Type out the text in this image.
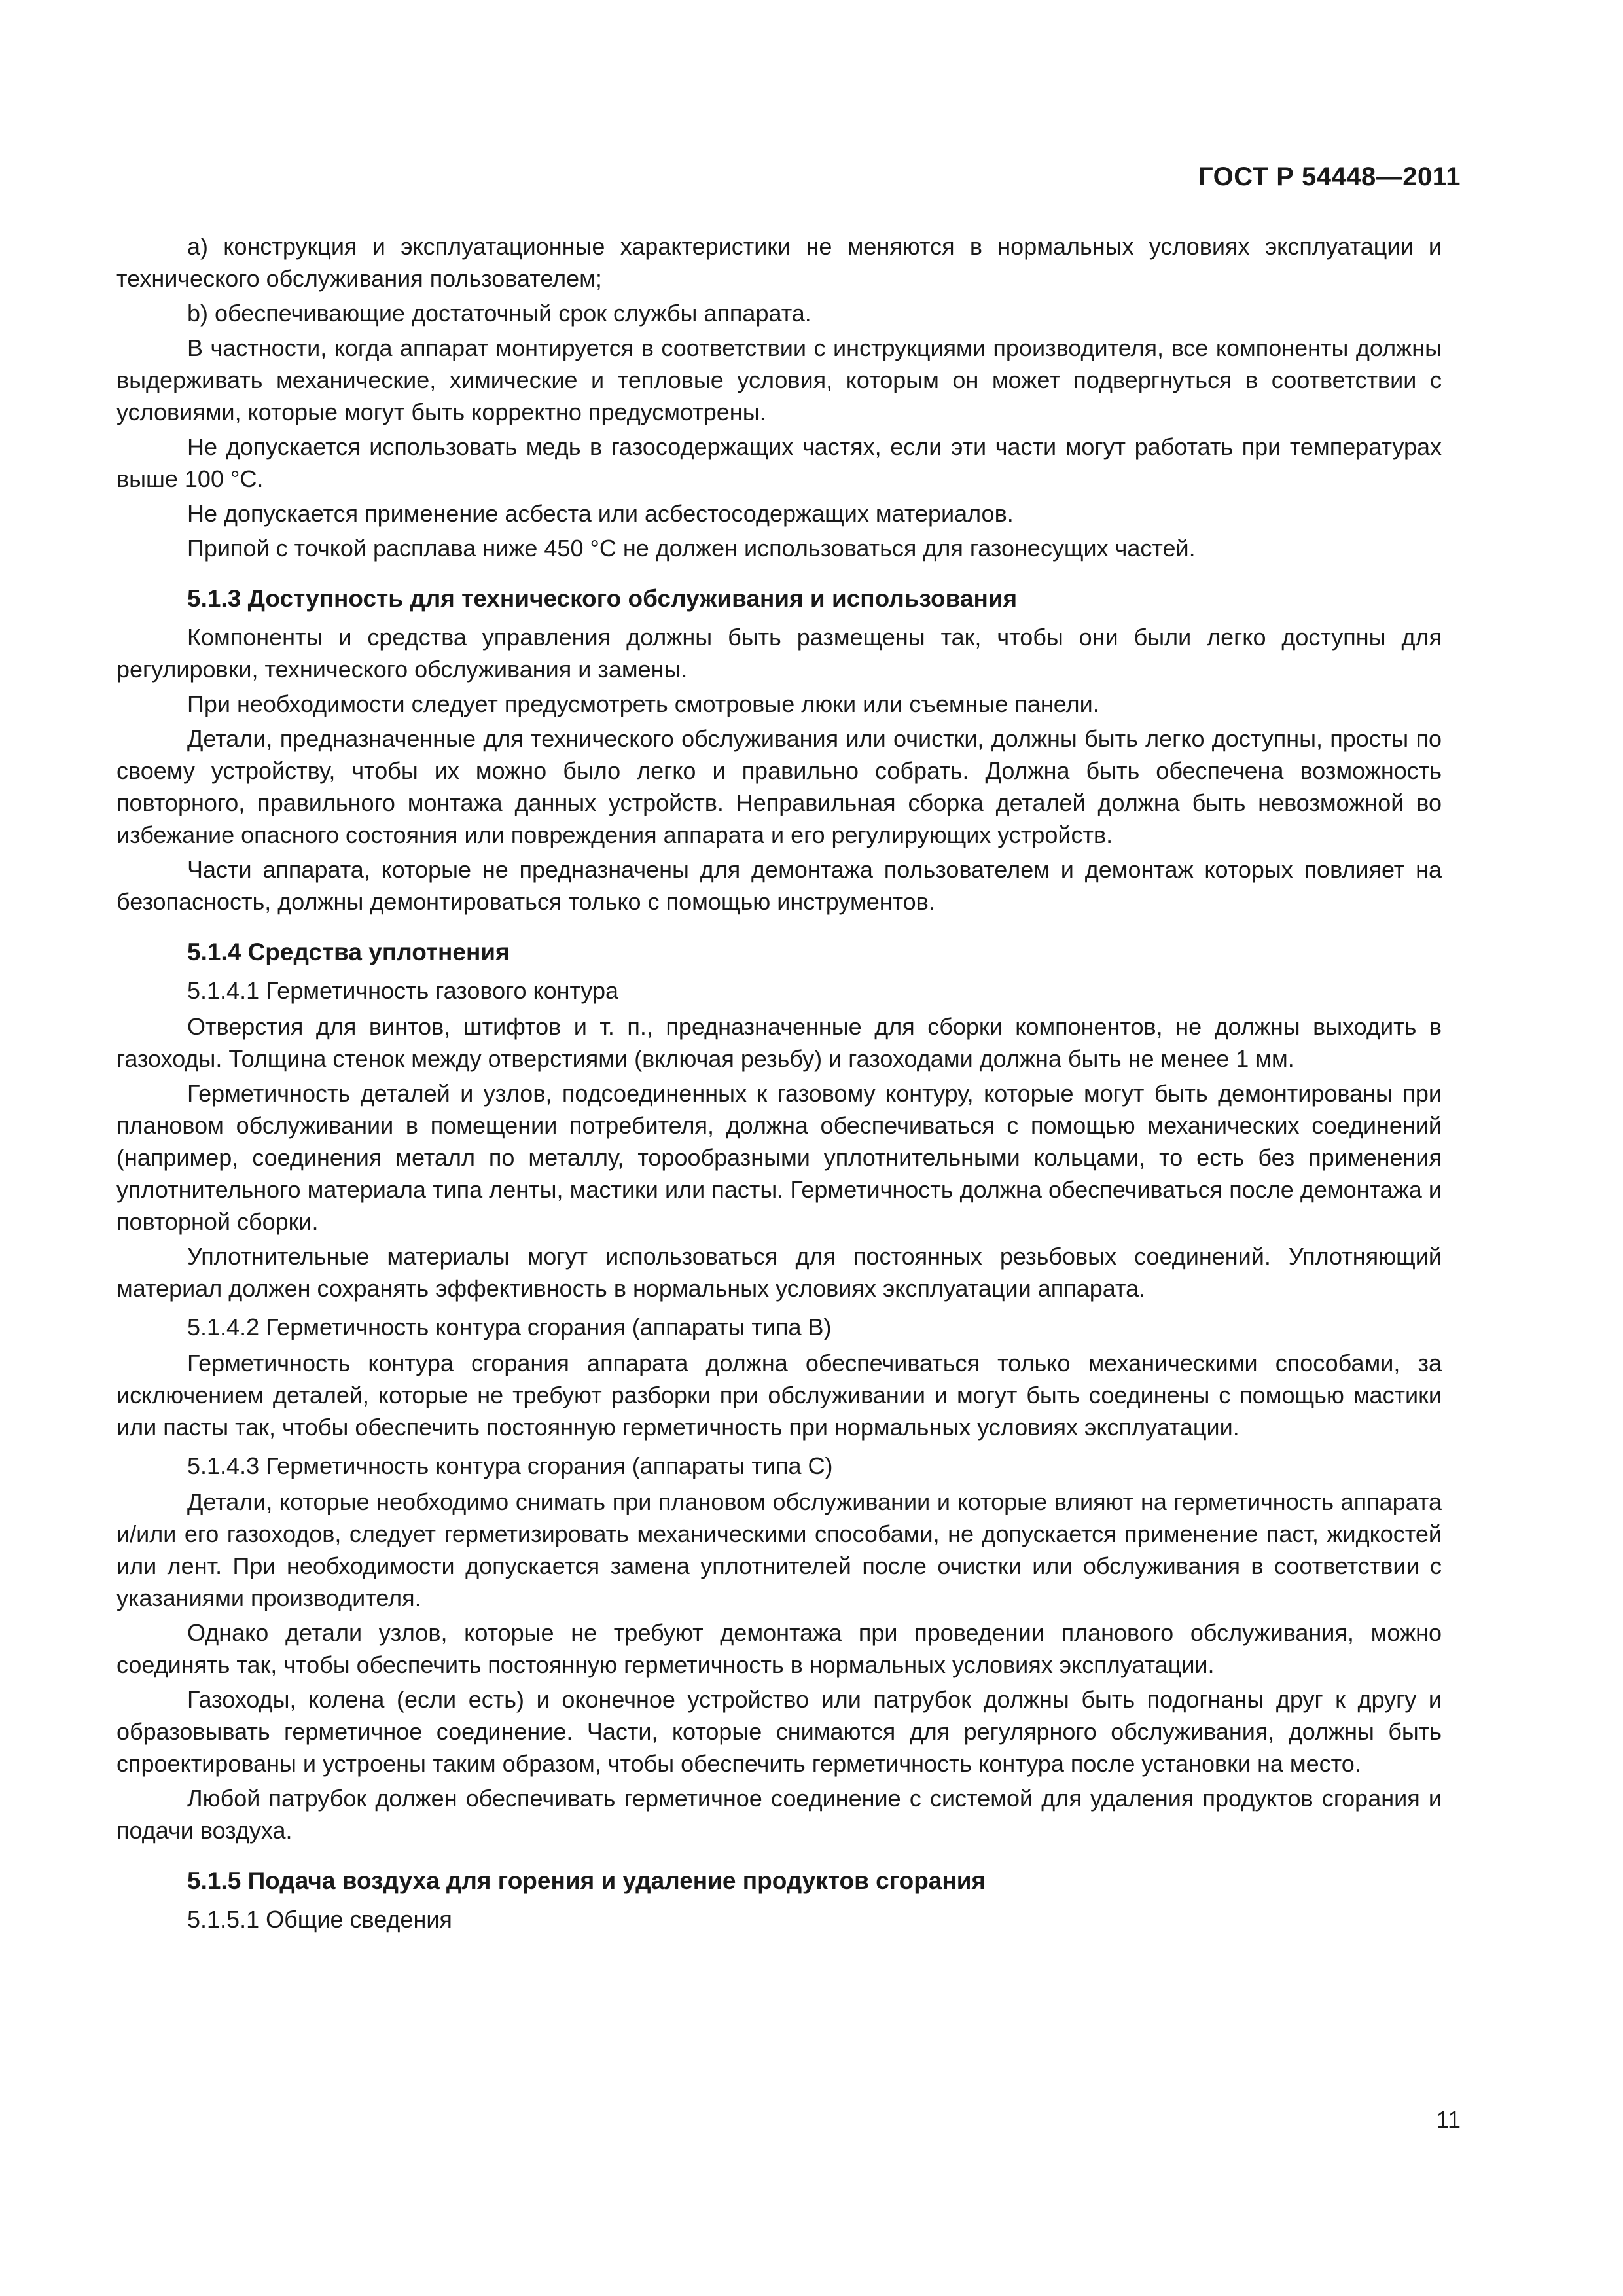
ГОСТ Р 54448—2011
a) конструкция и эксплуатационные характеристики не меняются в нормальных условиях эксплуатации и технического обслуживания пользователем;
b) обеспечивающие достаточный срок службы аппарата.
В частности, когда аппарат монтируется в соответствии с инструкциями производителя, все компоненты должны выдерживать механические, химические и тепловые условия, которым он может подвергнуться в соответствии с условиями, которые могут быть корректно предусмотрены.
Не допускается использовать медь в газосодержащих частях, если эти части могут работать при температурах выше 100 °С.
Не допускается применение асбеста или асбестосодержащих материалов.
Припой с точкой расплава ниже 450 °С не должен использоваться для газонесущих частей.
5.1.3 Доступность для технического обслуживания и использования
Компоненты и средства управления должны быть размещены так, чтобы они были легко доступны для регулировки, технического обслуживания и замены.
При необходимости следует предусмотреть смотровые люки или съемные панели.
Детали, предназначенные для технического обслуживания или очистки, должны быть легко доступны, просты по своему устройству, чтобы их можно было легко и правильно собрать. Должна быть обеспечена возможность повторного, правильного монтажа данных устройств. Неправильная сборка деталей должна быть невозможной во избежание опасного состояния или повреждения аппарата и его регулирующих устройств.
Части аппарата, которые не предназначены для демонтажа пользователем и демонтаж которых повлияет на безопасность, должны демонтироваться только с помощью инструментов.
5.1.4 Средства уплотнения
5.1.4.1 Герметичность газового контура
Отверстия для винтов, штифтов и т. п., предназначенные для сборки компонентов, не должны выходить в газоходы. Толщина стенок между отверстиями (включая резьбу) и газоходами должна быть не менее 1 мм.
Герметичность деталей и узлов, подсоединенных к газовому контуру, которые могут быть демонтированы при плановом обслуживании в помещении потребителя, должна обеспечиваться с помощью механических соединений (например, соединения металл по металлу, торообразными уплотнительными кольцами, то есть без применения уплотнительного материала типа ленты, мастики или пасты. Герметичность должна обеспечиваться после демонтажа и повторной сборки.
Уплотнительные материалы могут использоваться для постоянных резьбовых соединений. Уплотняющий материал должен сохранять эффективность в нормальных условиях эксплуатации аппарата.
5.1.4.2 Герметичность контура сгорания (аппараты типа В)
Герметичность контура сгорания аппарата должна обеспечиваться только механическими способами, за исключением деталей, которые не требуют разборки при обслуживании и могут быть соединены с помощью мастики или пасты так, чтобы обеспечить постоянную герметичность при нормальных условиях эксплуатации.
5.1.4.3 Герметичность контура сгорания (аппараты типа С)
Детали, которые необходимо снимать при плановом обслуживании и которые влияют на герметичность аппарата и/или его газоходов, следует герметизировать механическими способами, не допускается применение паст, жидкостей или лент. При необходимости допускается замена уплотнителей после очистки или обслуживания в соответствии с указаниями производителя.
Однако детали узлов, которые не требуют демонтажа при проведении планового обслуживания, можно соединять так, чтобы обеспечить постоянную герметичность в нормальных условиях эксплуатации.
Газоходы, колена (если есть) и оконечное устройство или патрубок должны быть подогнаны друг к другу и образовывать герметичное соединение. Части, которые снимаются для регулярного обслуживания, должны быть спроектированы и устроены таким образом, чтобы обеспечить герметичность контура после установки на место.
Любой патрубок должен обеспечивать герметичное соединение с системой для удаления продуктов сгорания и подачи воздуха.
5.1.5 Подача воздуха для горения и удаление продуктов сгорания
5.1.5.1 Общие сведения
11
